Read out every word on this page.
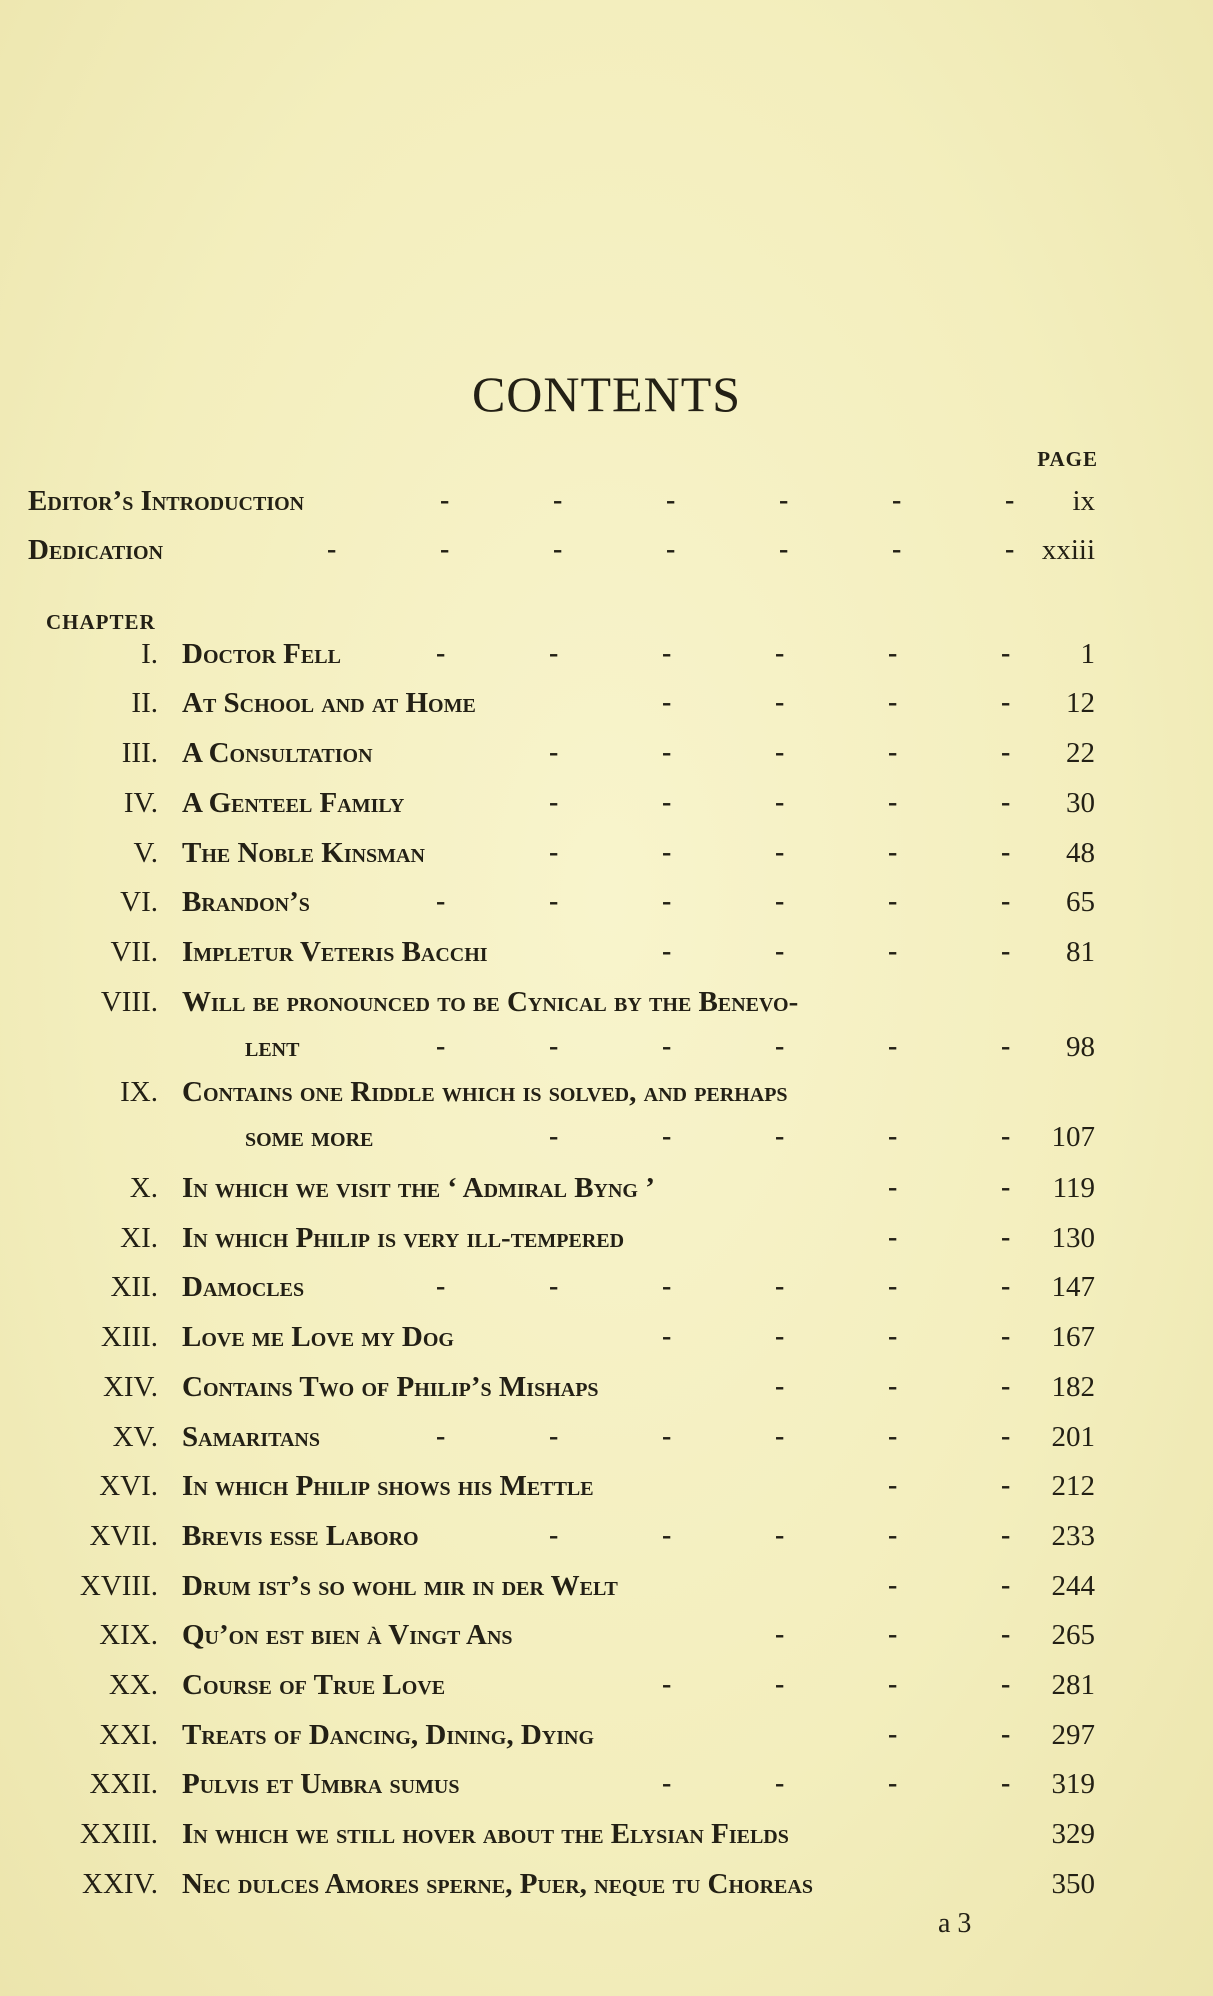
CONTENTS
PAGE
Editor’s Introduction	-	-	-	-	-	- ix
Dedication	-	-	-	-	-	-	- xxiii
CHAPTER
I. Doctor Fell	-	-	-	-	-	- 1
II. At School and at Home	-	-	-	- 12
III. A Consultation	-	-	-	-	- 22
IV. A Genteel Family	-	-	-	-	- 30
V. The Noble Kinsman	-	-	-	-	- 48
VI. Brandon’s	-	-	-	-	-	- 65
VII. Impletur Veteris Bacchi	-	-	-	- 81
VIII. Will be pronounced to be Cynical by the Benevo-
lent	-	-	-	-	-	- 98
IX. Contains one Riddle which is solved, and perhaps
some more	-	-	-	-	- 107
X. In which we visit the ‘ Admiral Byng ’	-	- 119
XI. In which Philip is very ill-tempered	-	- 130
XII. Damocles	-	-	-	-	-	- 147
XIII. Love me Love my Dog	-	-	-	- 167
XIV. Contains Two of Philip’s Mishaps	-	-	- 182
XV. Samaritans	-	-	-	-	-	- 201
XVI. In which Philip shows his Mettle	-	- 212
XVII. Brevis esse Laboro	-	-	-	-	- 233
XVIII. Drum ist’s so wohl mir in der Welt	-	- 244
XIX. Qu’on est bien à Vingt Ans	-	-	- 265
XX. Course of True Love	-	-	-	- 281
XXI. Treats of Dancing, Dining, Dying	-	- 297
XXII. Pulvis et Umbra sumus	-	-	-	- 319
XXIII. In which we still hover about the Elysian Fields	329
XXIV. Nec dulces Amores sperne, Puer, neque tu Choreas	350
a 3
